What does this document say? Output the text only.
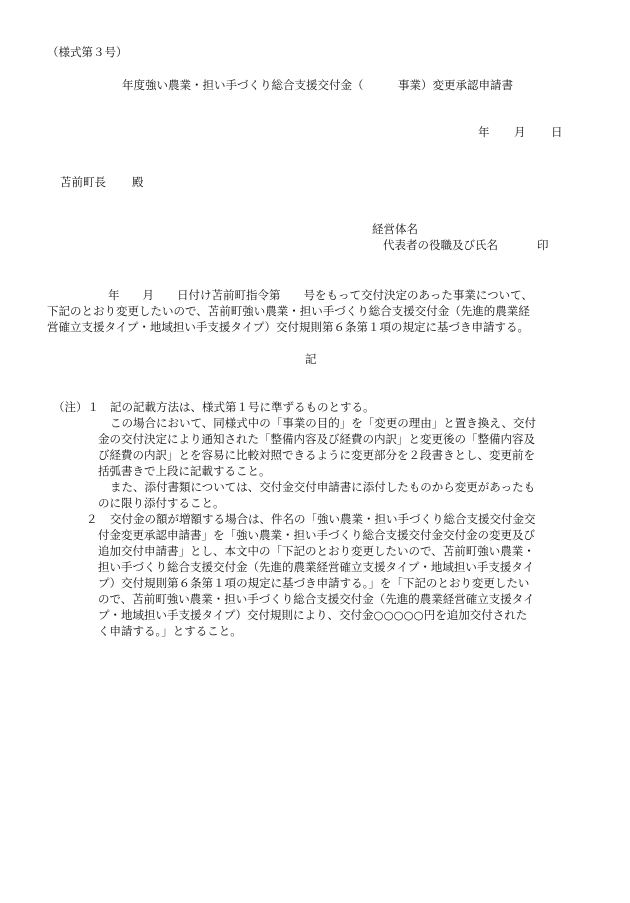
（様式第３号）
年度強い農業・担い手づくり総合支援交付金（　　　事業）変更承認申請書
年 月 日
苫前町長 殿
経営体名
代表者の役職及び氏名	印
年　　月　　日付け苫前町指令第　　号をもって交付決定のあった事業について、
下記のとおり変更したいので、苫前町強い農業・担い手づくり総合支援交付金（先進的農業経
営確立支援タイプ・地域担い手支援タイプ）交付規則第６条第１項の規定に基づき申請する。
記
（注）１ 記の記載方法は、様式第１号に準ずるものとする。
この場合において、同様式中の「事業の目的」を「変更の理由」と置き換え、交付
金の交付決定により通知された「整備内容及び経費の内訳」と変更後の「整備内容及
び経費の内訳」とを容易に比較対照できるように変更部分を２段書きとし、変更前を
括弧書きで上段に記載すること。
また、添付書類については、交付金交付申請書に添付したものから変更があったも
のに限り添付すること。
２ 交付金の額が増額する場合は、件名の「強い農業・担い手づくり総合支援交付金交
付金変更承認申請書」を「強い農業・担い手づくり総合支援交付金交付金の変更及び
追加交付申請書」とし、本文中の「下記のとおり変更したいので、苫前町強い農業・
担い手づくり総合支援交付金（先進的農業経営確立支援タイプ・地域担い手支援タイ
プ）交付規則第６条第１項の規定に基づき申請する。」を「下記のとおり変更したい
ので、苫前町強い農業・担い手づくり総合支援交付金（先進的農業経営確立支援タイ
プ・地域担い手支援タイプ）交付規則により、交付金○○○○○円を追加交付された
く申請する。」とすること。
